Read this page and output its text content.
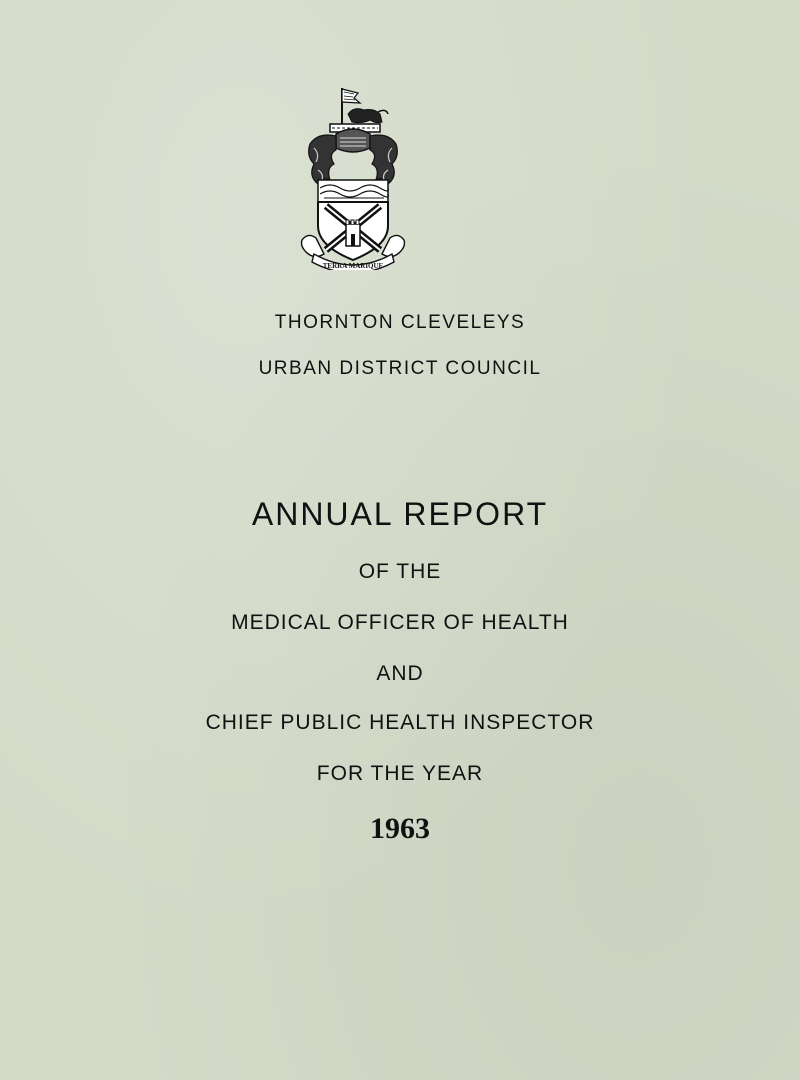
TERRA MARIQUE
THORNTON CLEVELEYS
URBAN DISTRICT COUNCIL
ANNUAL REPORT
OF THE
MEDICAL OFFICER OF HEALTH
AND
CHIEF PUBLIC HEALTH INSPECTOR
FOR THE YEAR
1963
